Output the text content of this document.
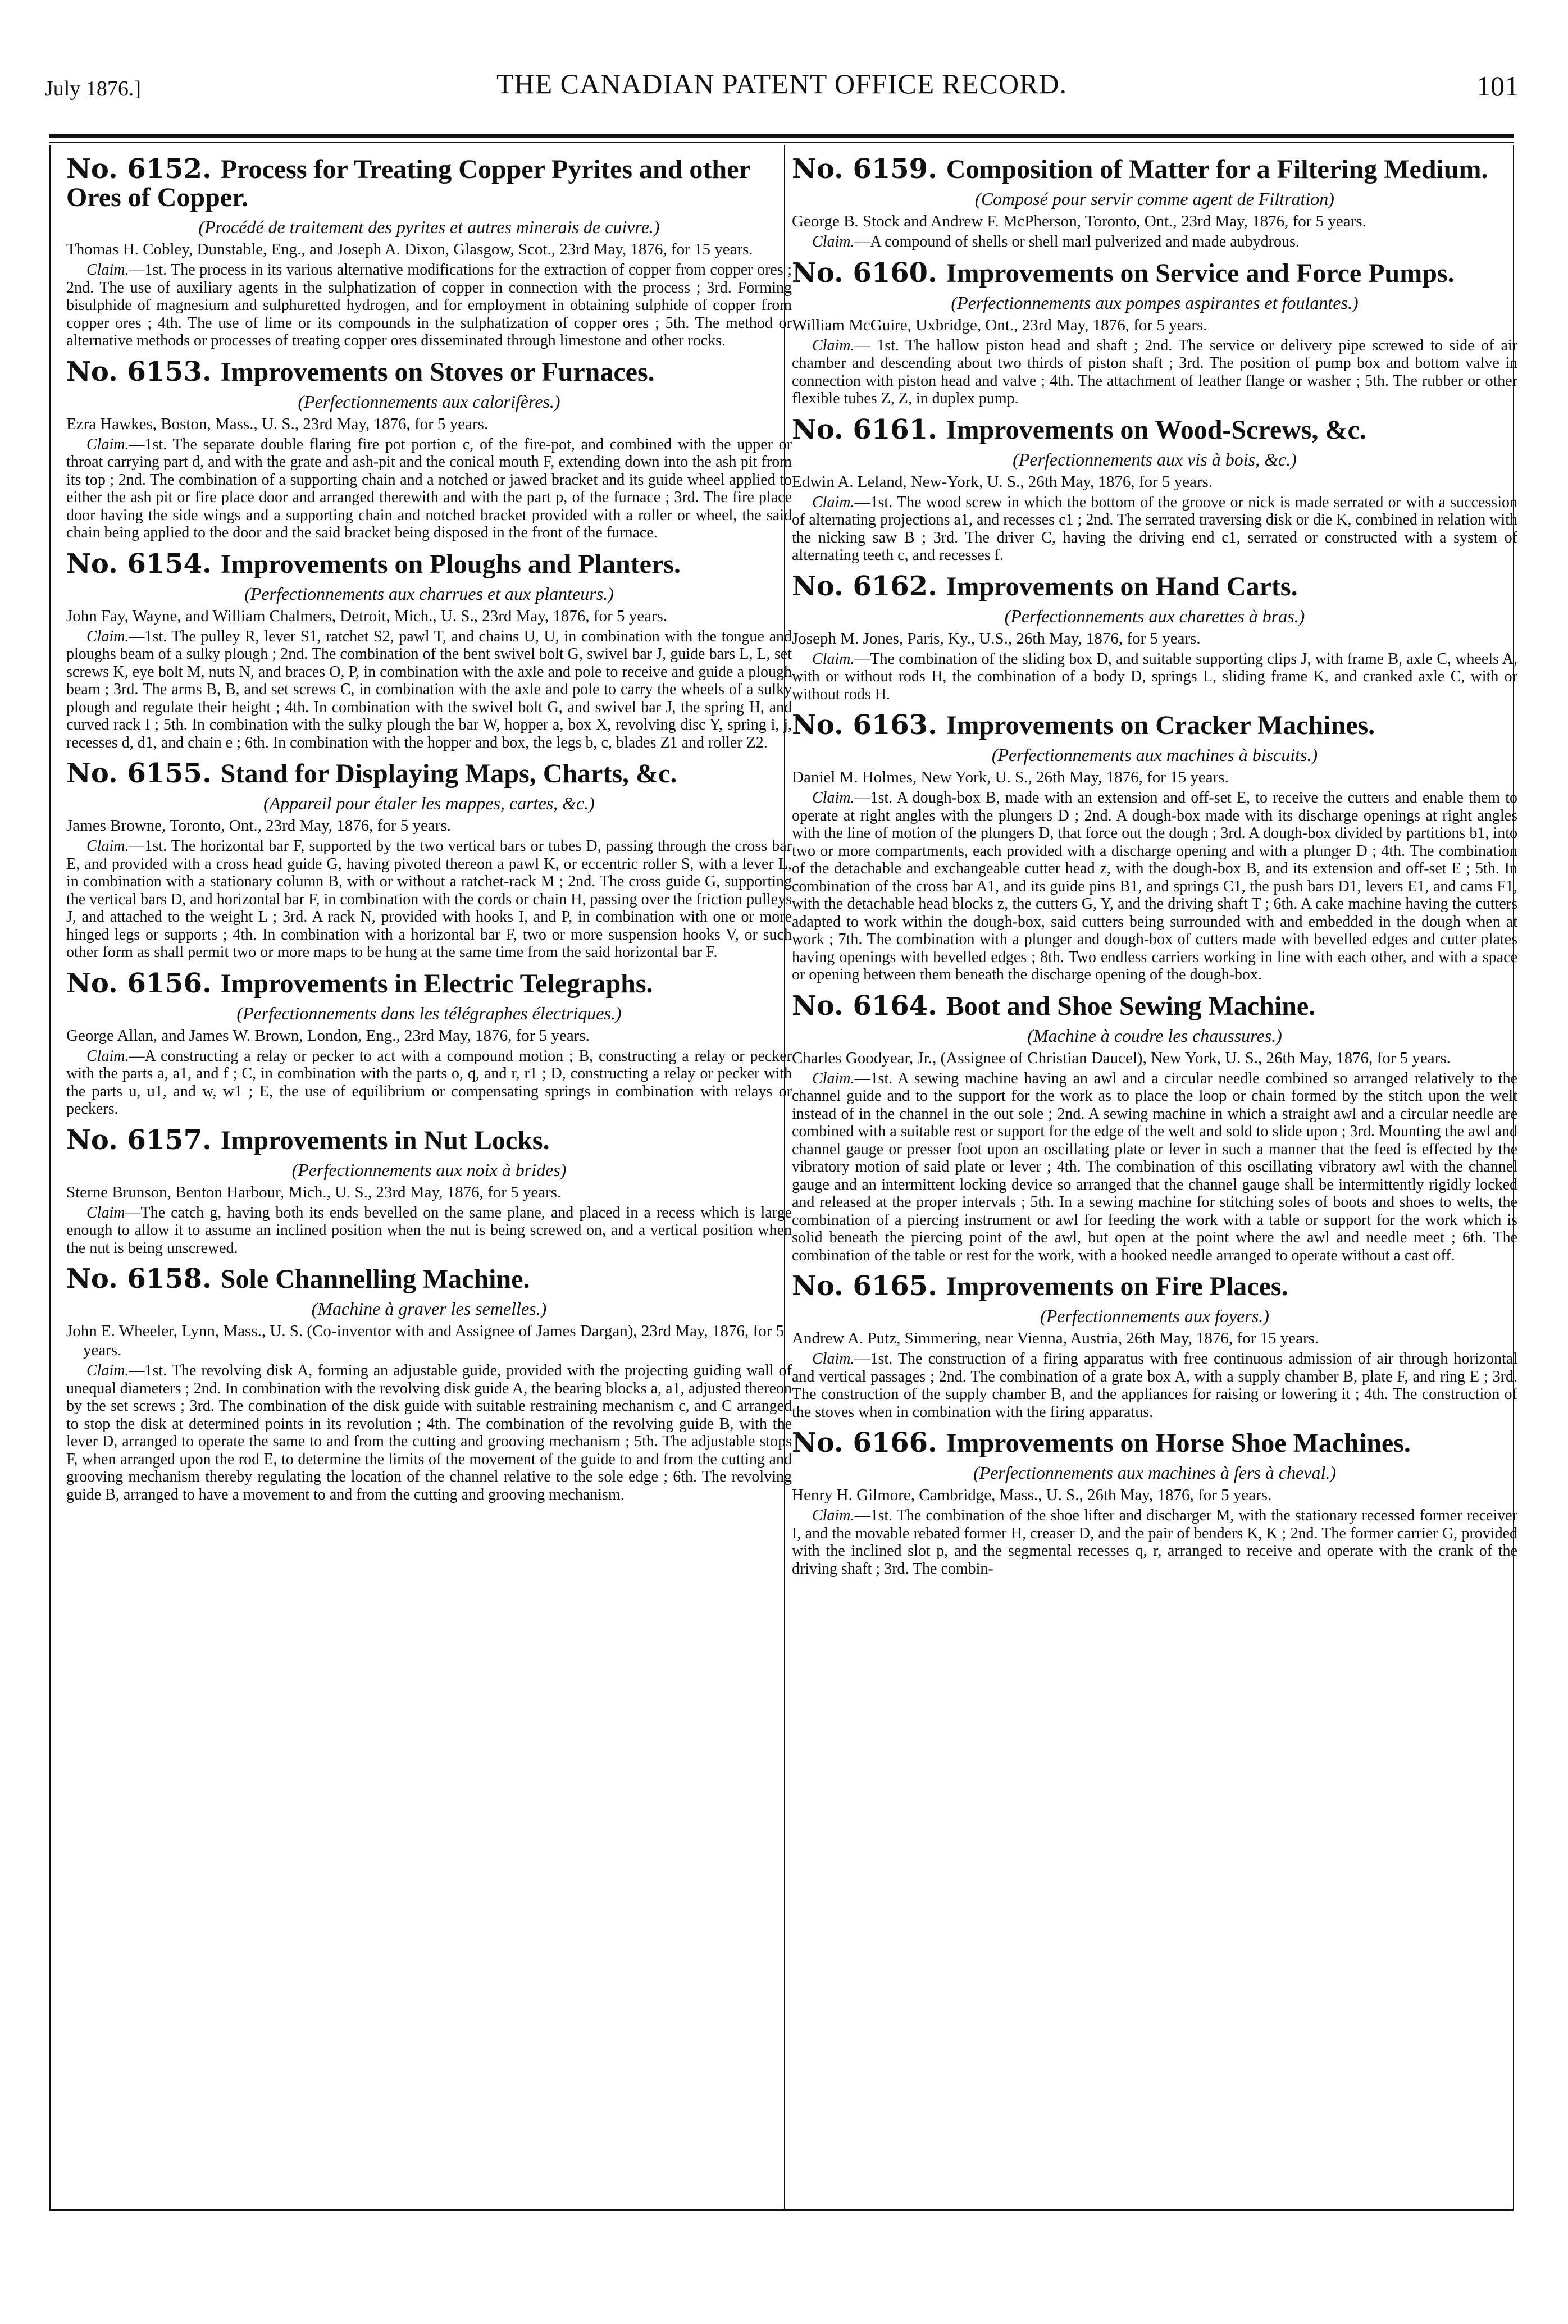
July 1876.]	THE CANADIAN PATENT OFFICE RECORD.	101
No. 6152. Process for Treating Copper Pyrites and other Ores of Copper.
(Procédé de traitement des pyrites et autres minerais de cuivre.)
Thomas H. Cobley, Dunstable, Eng., and Joseph A. Dixon, Glasgow, Scot., 23rd May, 1876, for 15 years.
Claim.—1st. The process in its various alternative modifications for the extraction of copper from copper ores ; 2nd. The use of auxiliary agents in the sulphatization of copper in connection with the process ; 3rd. Forming bisulphide of magnesium and sulphuretted hydrogen, and for employment in obtaining sulphide of copper from copper ores ; 4th. The use of lime or its compounds in the sulphatization of copper ores ; 5th. The method or alternative methods or processes of treating copper ores disseminated through limestone and other rocks.
No. 6153. Improvements on Stoves or Furnaces.
(Perfectionnements aux calorifères.)
Ezra Hawkes, Boston, Mass., U. S., 23rd May, 1876, for 5 years.
Claim.—1st. The separate double flaring fire pot portion c, of the fire-pot, and combined with the upper or throat carrying part d, and with the grate and ash-pit and the conical mouth F, extending down into the ash pit from its top ; 2nd. The combination of a supporting chain and a notched or jawed bracket and its guide wheel applied to either the ash pit or fire place door and arranged therewith and with the part p, of the furnace ; 3rd. The fire place door having the side wings and a supporting chain and notched bracket provided with a roller or wheel, the said chain being applied to the door and the said bracket being disposed in the front of the furnace.
No. 6154. Improvements on Ploughs and Planters.
(Perfectionnements aux charrues et aux planteurs.)
John Fay, Wayne, and William Chalmers, Detroit, Mich., U. S., 23rd May, 1876, for 5 years.
Claim.—1st. The pulley R, lever S1, ratchet S2, pawl T, and chains U, U, in combination with the tongue and ploughs beam of a sulky plough ; 2nd. The combination of the bent swivel bolt G, swivel bar J, guide bars L, L, set screws K, eye bolt M, nuts N, and braces O, P, in combination with the axle and pole to receive and guide a plough beam ; 3rd. The arms B, B, and set screws C, in combination with the axle and pole to carry the wheels of a sulky plough and regulate their height ; 4th. In combination with the swivel bolt G, and swivel bar J, the spring H, and curved rack I ; 5th. In combination with the sulky plough the bar W, hopper a, box X, revolving disc Y, spring i, j, recesses d, d1, and chain e ; 6th. In combination with the hopper and box, the legs b, c, blades Z1 and roller Z2.
No. 6155. Stand for Displaying Maps, Charts, &c.
(Appareil pour étaler les mappes, cartes, &c.)
James Browne, Toronto, Ont., 23rd May, 1876, for 5 years.
Claim.—1st. The horizontal bar F, supported by the two vertical bars or tubes D, passing through the cross bar E, and provided with a cross head guide G, having pivoted thereon a pawl K, or eccentric roller S, with a lever L, in combination with a stationary column B, with or without a ratchet-rack M ; 2nd. The cross guide G, supporting the vertical bars D, and horizontal bar F, in combination with the cords or chain H, passing over the friction pulleys J, and attached to the weight L ; 3rd. A rack N, provided with hooks I, and P, in combination with one or more hinged legs or supports ; 4th. In combination with a horizontal bar F, two or more suspension hooks V, or such other form as shall permit two or more maps to be hung at the same time from the said horizontal bar F.
No. 6156. Improvements in Electric Telegraphs.
(Perfectionnements dans les télégraphes électriques.)
George Allan, and James W. Brown, London, Eng., 23rd May, 1876, for 5 years.
Claim.—A constructing a relay or pecker to act with a compound motion ; B, constructing a relay or pecker with the parts a, a1, and f ; C, in combination with the parts o, q, and r, r1 ; D, constructing a relay or pecker with the parts u, u1, and w, w1 ; E, the use of equilibrium or compensating springs in combination with relays or peckers.
No. 6157. Improvements in Nut Locks.
(Perfectionnements aux noix à brides)
Sterne Brunson, Benton Harbour, Mich., U. S., 23rd May, 1876, for 5 years.
Claim—The catch g, having both its ends bevelled on the same plane, and placed in a recess which is large enough to allow it to assume an inclined position when the nut is being screwed on, and a vertical position when the nut is being unscrewed.
No. 6158. Sole Channelling Machine.
(Machine à graver les semelles.)
John E. Wheeler, Lynn, Mass., U. S. (Co-inventor with and Assignee of James Dargan), 23rd May, 1876, for 5 years.
Claim.—1st. The revolving disk A, forming an adjustable guide, provided with the projecting guiding wall of unequal diameters ; 2nd. In combination with the revolving disk guide A, the bearing blocks a, a1, adjusted thereon by the set screws ; 3rd. The combination of the disk guide with suitable restraining mechanism c, and C arranged to stop the disk at determined points in its revolution ; 4th. The combination of the revolving guide B, with the lever D, arranged to operate the same to and from the cutting and grooving mechanism ; 5th. The adjustable stops F, when arranged upon the rod E, to determine the limits of the movement of the guide to and from the cutting and grooving mechanism thereby regulating the location of the channel relative to the sole edge ; 6th. The revolving guide B, arranged to have a movement to and from the cutting and grooving mechanism.
No. 6159. Composition of Matter for a Filtering Medium.
(Composé pour servir comme agent de Filtration)
George B. Stock and Andrew F. McPherson, Toronto, Ont., 23rd May, 1876, for 5 years.
Claim.—A compound of shells or shell marl pulverized and made aubydrous.
No. 6160. Improvements on Service and Force Pumps.
(Perfectionnements aux pompes aspirantes et foulantes.)
William McGuire, Uxbridge, Ont., 23rd May, 1876, for 5 years.
Claim.— 1st. The hallow piston head and shaft ; 2nd. The service or delivery pipe screwed to side of air chamber and descending about two thirds of piston shaft ; 3rd. The position of pump box and bottom valve in connection with piston head and valve ; 4th. The attachment of leather flange or washer ; 5th. The rubber or other flexible tubes Z, Z, in duplex pump.
No. 6161. Improvements on Wood-Screws, &c.
(Perfectionnements aux vis à bois, &c.)
Edwin A. Leland, New-York, U. S., 26th May, 1876, for 5 years.
Claim.—1st. The wood screw in which the bottom of the groove or nick is made serrated or with a succession of alternating projections a1, and recesses c1 ; 2nd. The serrated traversing disk or die K, combined in relation with the nicking saw B ; 3rd. The driver C, having the driving end c1, serrated or constructed with a system of alternating teeth c, and recesses f.
No. 6162. Improvements on Hand Carts.
(Perfectionnements aux charettes à bras.)
Joseph M. Jones, Paris, Ky., U.S., 26th May, 1876, for 5 years.
Claim.—The combination of the sliding box D, and suitable supporting clips J, with frame B, axle C, wheels A, with or without rods H, the combination of a body D, springs L, sliding frame K, and cranked axle C, with or without rods H.
No. 6163. Improvements on Cracker Machines.
(Perfectionnements aux machines à biscuits.)
Daniel M. Holmes, New York, U. S., 26th May, 1876, for 15 years.
Claim.—1st. A dough-box B, made with an extension and off-set E, to receive the cutters and enable them to operate at right angles with the plungers D ; 2nd. A dough-box made with its discharge openings at right angles with the line of motion of the plungers D, that force out the dough ; 3rd. A dough-box divided by partitions b1, into two or more compartments, each provided with a discharge opening and with a plunger D ; 4th. The combination of the detachable and exchangeable cutter head z, with the dough-box B, and its extension and off-set E ; 5th. In combination of the cross bar A1, and its guide pins B1, and springs C1, the push bars D1, levers E1, and cams F1, with the detachable head blocks z, the cutters G, Y, and the driving shaft T ; 6th. A cake machine having the cutters adapted to work within the dough-box, said cutters being surrounded with and embedded in the dough when at work ; 7th. The combination with a plunger and dough-box of cutters made with bevelled edges and cutter plates having openings with bevelled edges ; 8th. Two endless carriers working in line with each other, and with a space or opening between them beneath the discharge opening of the dough-box.
No. 6164. Boot and Shoe Sewing Machine.
(Machine à coudre les chaussures.)
Charles Goodyear, Jr., (Assignee of Christian Daucel), New York, U. S., 26th May, 1876, for 5 years.
Claim.—1st. A sewing machine having an awl and a circular needle combined so arranged relatively to the channel guide and to the support for the work as to place the loop or chain formed by the stitch upon the welt instead of in the channel in the out sole ; 2nd. A sewing machine in which a straight awl and a circular needle are combined with a suitable rest or support for the edge of the welt and sold to slide upon ; 3rd. Mounting the awl and channel gauge or presser foot upon an oscillating plate or lever in such a manner that the feed is effected by the vibratory motion of said plate or lever ; 4th. The combination of this oscillating vibratory awl with the channel gauge and an intermittent locking device so arranged that the channel gauge shall be intermittently rigidly locked and released at the proper intervals ; 5th. In a sewing machine for stitching soles of boots and shoes to welts, the combination of a piercing instrument or awl for feeding the work with a table or support for the work which is solid beneath the piercing point of the awl, but open at the point where the awl and needle meet ; 6th. The combination of the table or rest for the work, with a hooked needle arranged to operate without a cast off.
No. 6165. Improvements on Fire Places.
(Perfectionnements aux foyers.)
Andrew A. Putz, Simmering, near Vienna, Austria, 26th May, 1876, for 15 years.
Claim.—1st. The construction of a firing apparatus with free continuous admission of air through horizontal and vertical passages ; 2nd. The combination of a grate box A, with a supply chamber B, plate F, and ring E ; 3rd. The construction of the supply chamber B, and the appliances for raising or lowering it ; 4th. The construction of the stoves when in combination with the firing apparatus.
No. 6166. Improvements on Horse Shoe Machines.
(Perfectionnements aux machines à fers à cheval.)
Henry H. Gilmore, Cambridge, Mass., U. S., 26th May, 1876, for 5 years.
Claim.—1st. The combination of the shoe lifter and discharger M, with the stationary recessed former receiver I, and the movable rebated former H, creaser D, and the pair of benders K, K ; 2nd. The former carrier G, provided with the inclined slot p, and the segmental recesses q, r, arranged to receive and operate with the crank of the driving shaft ; 3rd. The combin-
